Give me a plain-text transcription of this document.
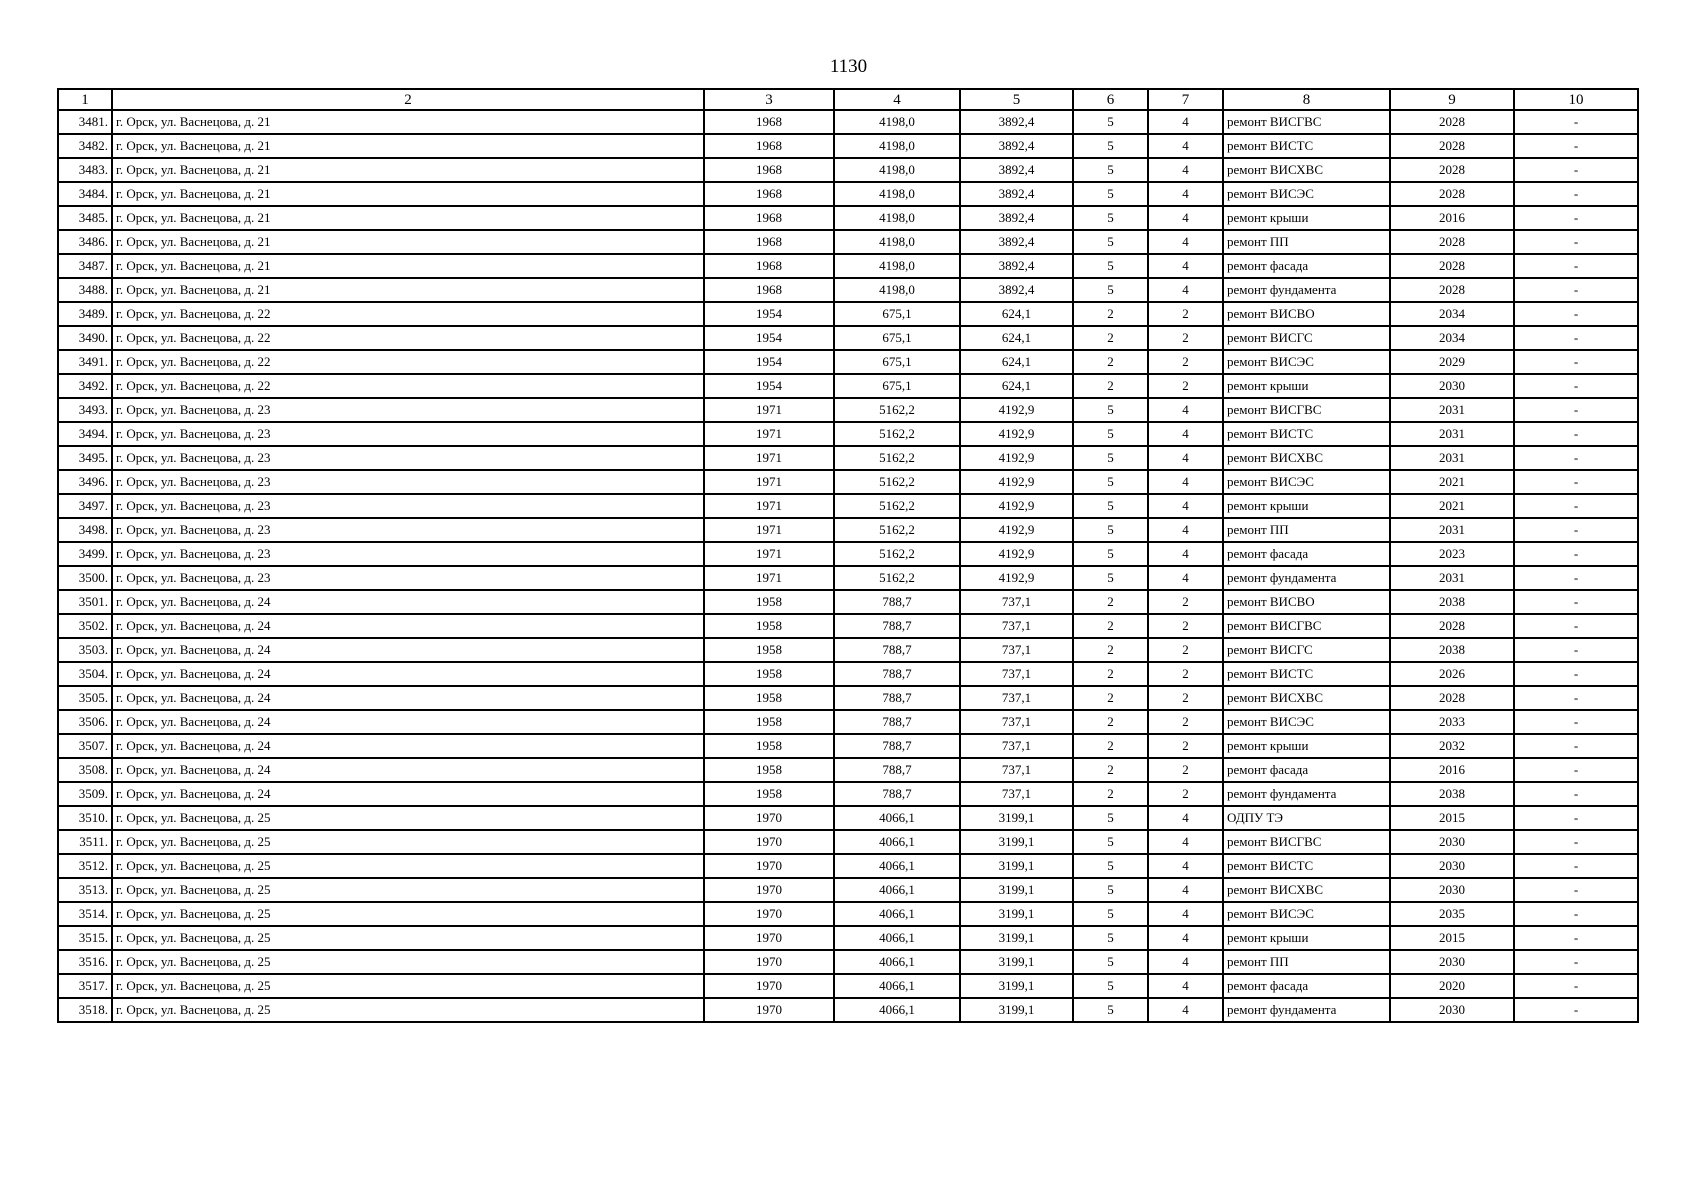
1130
1	2	3	4	5	6	7	8	9	10
3481.	г. Орск, ул. Васнецова, д. 21	1968	4198,0	3892,4	5	4	ремонт ВИСГВС	2028	-
3482.	г. Орск, ул. Васнецова, д. 21	1968	4198,0	3892,4	5	4	ремонт ВИСТС	2028	-
3483.	г. Орск, ул. Васнецова, д. 21	1968	4198,0	3892,4	5	4	ремонт ВИСХВС	2028	-
3484.	г. Орск, ул. Васнецова, д. 21	1968	4198,0	3892,4	5	4	ремонт ВИСЭС	2028	-
3485.	г. Орск, ул. Васнецова, д. 21	1968	4198,0	3892,4	5	4	ремонт крыши	2016	-
3486.	г. Орск, ул. Васнецова, д. 21	1968	4198,0	3892,4	5	4	ремонт ПП	2028	-
3487.	г. Орск, ул. Васнецова, д. 21	1968	4198,0	3892,4	5	4	ремонт фасада	2028	-
3488.	г. Орск, ул. Васнецова, д. 21	1968	4198,0	3892,4	5	4	ремонт фундамента	2028	-
3489.	г. Орск, ул. Васнецова, д. 22	1954	675,1	624,1	2	2	ремонт ВИСВО	2034	-
3490.	г. Орск, ул. Васнецова, д. 22	1954	675,1	624,1	2	2	ремонт ВИСГС	2034	-
3491.	г. Орск, ул. Васнецова, д. 22	1954	675,1	624,1	2	2	ремонт ВИСЭС	2029	-
3492.	г. Орск, ул. Васнецова, д. 22	1954	675,1	624,1	2	2	ремонт крыши	2030	-
3493.	г. Орск, ул. Васнецова, д. 23	1971	5162,2	4192,9	5	4	ремонт ВИСГВС	2031	-
3494.	г. Орск, ул. Васнецова, д. 23	1971	5162,2	4192,9	5	4	ремонт ВИСТС	2031	-
3495.	г. Орск, ул. Васнецова, д. 23	1971	5162,2	4192,9	5	4	ремонт ВИСХВС	2031	-
3496.	г. Орск, ул. Васнецова, д. 23	1971	5162,2	4192,9	5	4	ремонт ВИСЭС	2021	-
3497.	г. Орск, ул. Васнецова, д. 23	1971	5162,2	4192,9	5	4	ремонт крыши	2021	-
3498.	г. Орск, ул. Васнецова, д. 23	1971	5162,2	4192,9	5	4	ремонт ПП	2031	-
3499.	г. Орск, ул. Васнецова, д. 23	1971	5162,2	4192,9	5	4	ремонт фасада	2023	-
3500.	г. Орск, ул. Васнецова, д. 23	1971	5162,2	4192,9	5	4	ремонт фундамента	2031	-
3501.	г. Орск, ул. Васнецова, д. 24	1958	788,7	737,1	2	2	ремонт ВИСВО	2038	-
3502.	г. Орск, ул. Васнецова, д. 24	1958	788,7	737,1	2	2	ремонт ВИСГВС	2028	-
3503.	г. Орск, ул. Васнецова, д. 24	1958	788,7	737,1	2	2	ремонт ВИСГС	2038	-
3504.	г. Орск, ул. Васнецова, д. 24	1958	788,7	737,1	2	2	ремонт ВИСТС	2026	-
3505.	г. Орск, ул. Васнецова, д. 24	1958	788,7	737,1	2	2	ремонт ВИСХВС	2028	-
3506.	г. Орск, ул. Васнецова, д. 24	1958	788,7	737,1	2	2	ремонт ВИСЭС	2033	-
3507.	г. Орск, ул. Васнецова, д. 24	1958	788,7	737,1	2	2	ремонт крыши	2032	-
3508.	г. Орск, ул. Васнецова, д. 24	1958	788,7	737,1	2	2	ремонт фасада	2016	-
3509.	г. Орск, ул. Васнецова, д. 24	1958	788,7	737,1	2	2	ремонт фундамента	2038	-
3510.	г. Орск, ул. Васнецова, д. 25	1970	4066,1	3199,1	5	4	ОДПУ ТЭ	2015	-
3511.	г. Орск, ул. Васнецова, д. 25	1970	4066,1	3199,1	5	4	ремонт ВИСГВС	2030	-
3512.	г. Орск, ул. Васнецова, д. 25	1970	4066,1	3199,1	5	4	ремонт ВИСТС	2030	-
3513.	г. Орск, ул. Васнецова, д. 25	1970	4066,1	3199,1	5	4	ремонт ВИСХВС	2030	-
3514.	г. Орск, ул. Васнецова, д. 25	1970	4066,1	3199,1	5	4	ремонт ВИСЭС	2035	-
3515.	г. Орск, ул. Васнецова, д. 25	1970	4066,1	3199,1	5	4	ремонт крыши	2015	-
3516.	г. Орск, ул. Васнецова, д. 25	1970	4066,1	3199,1	5	4	ремонт ПП	2030	-
3517.	г. Орск, ул. Васнецова, д. 25	1970	4066,1	3199,1	5	4	ремонт фасада	2020	-
3518.	г. Орск, ул. Васнецова, д. 25	1970	4066,1	3199,1	5	4	ремонт фундамента	2030	-
